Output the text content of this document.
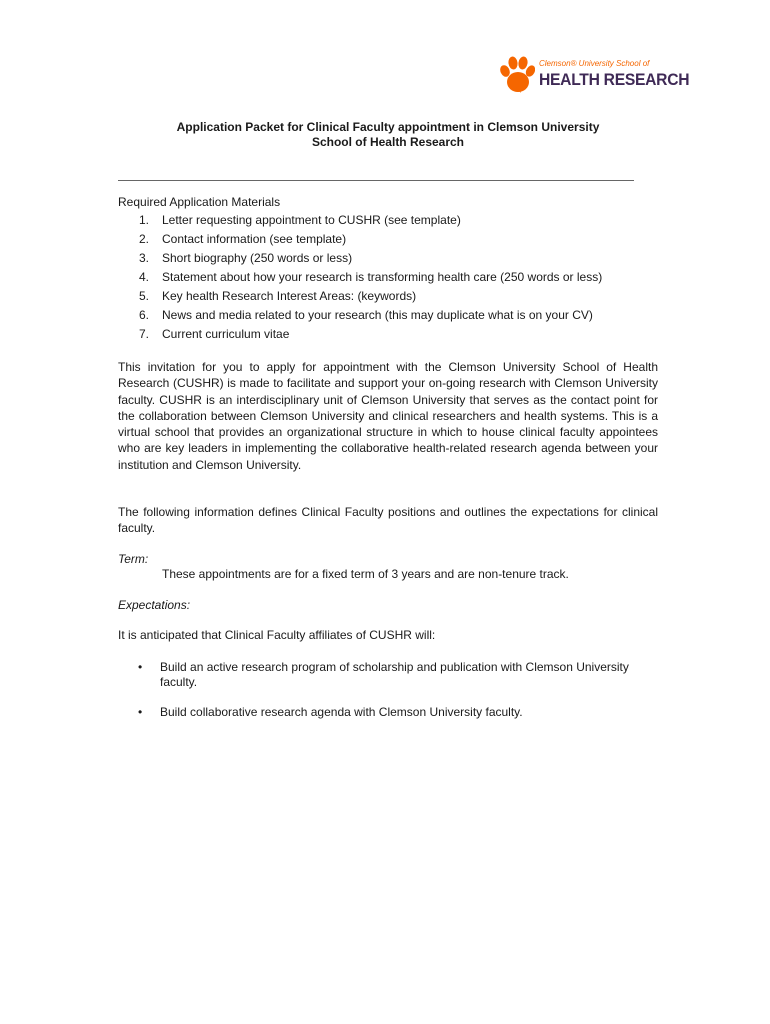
Clemson® University School of
HEALTH RESEARCH
Application Packet for Clinical Faculty appointment in Clemson University
School of Health Research
Required Application Materials
1.	Letter requesting appointment to CUSHR (see template)
2.	Contact information (see template)
3.	Short biography (250 words or less)
4.	Statement about how your research is transforming health care (250 words or less)
5.	Key health Research Interest Areas: (keywords)
6.	News and media related to your research (this may duplicate what is on your CV)
7.	Current curriculum vitae
This invitation for you to apply for appointment with the Clemson University School of Health Research (CUSHR) is made to facilitate and support your on-going research with Clemson University faculty. CUSHR is an interdisciplinary unit of Clemson University that serves as the contact point for the collaboration between Clemson University and clinical researchers and health systems. This is a virtual school that provides an organizational structure in which to house clinical faculty appointees who are key leaders in implementing the collaborative health-related research agenda between your institution and Clemson University.
The following information defines Clinical Faculty positions and outlines the expectations for clinical faculty.
Term:
These appointments are for a fixed term of 3 years and are non-tenure track.
Expectations:
It is anticipated that Clinical Faculty affiliates of CUSHR will:
• Build an active research program of scholarship and publication with Clemson University faculty.
• Build collaborative research agenda with Clemson University faculty.
